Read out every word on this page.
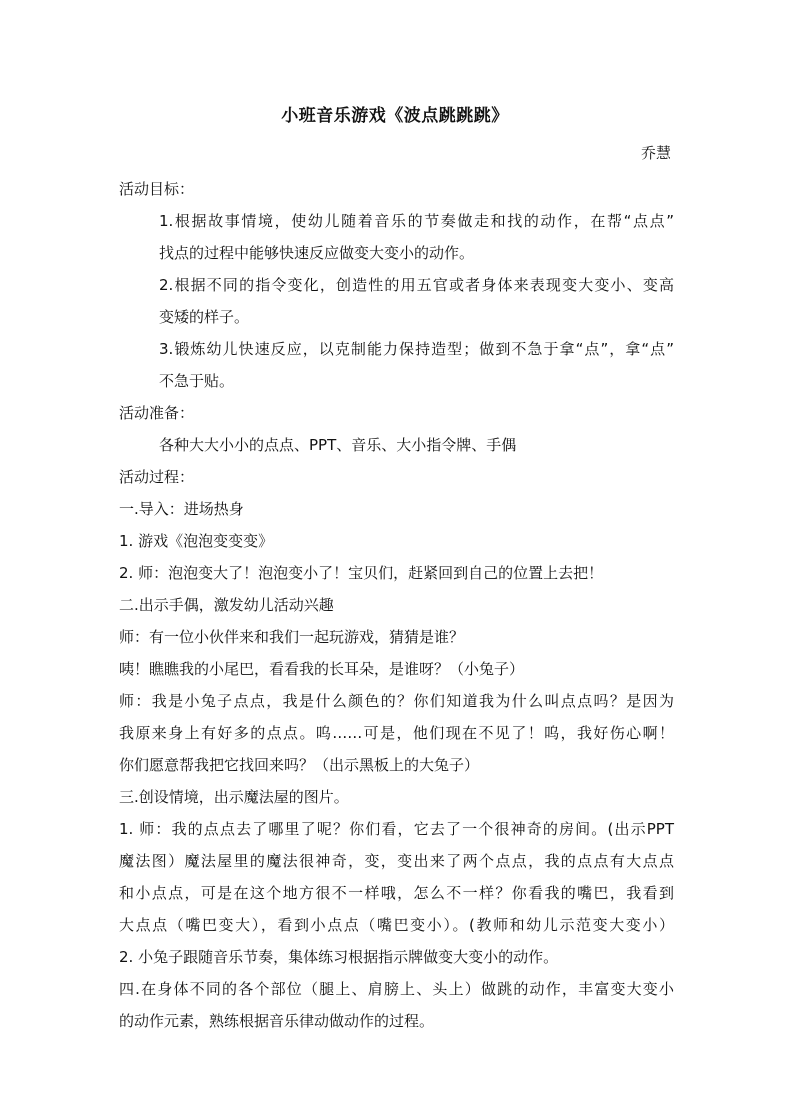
小班音乐游戏《波点跳跳跳》
乔慧
活动目标：
1.根据故事情境，使幼儿随着音乐的节奏做走和找的动作，在帮“点点”
找点的过程中能够快速反应做变大变小的动作。
2.根据不同的指令变化，创造性的用五官或者身体来表现变大变小、变高
变矮的样子。
3.锻炼幼儿快速反应，以克制能力保持造型；做到不急于拿“点”，拿“点”
不急于贴。
活动准备：
各种大大小小的点点、PPT、音乐、大小指令牌、手偶
活动过程：
一.导入：进场热身
1. 游戏《泡泡变变变》
2. 师：泡泡变大了！泡泡变小了！宝贝们，赶紧回到自己的位置上去把！
二.出示手偶，激发幼儿活动兴趣
师：有一位小伙伴来和我们一起玩游戏，猜猜是谁？
咦！瞧瞧我的小尾巴，看看我的长耳朵，是谁呀？（小兔子）
师：我是小兔子点点，我是什么颜色的？你们知道我为什么叫点点吗？是因为
我原来身上有好多的点点。呜……可是，他们现在不见了！呜，我好伤心啊！
你们愿意帮我把它找回来吗？（出示黑板上的大兔子）
三.创设情境，出示魔法屋的图片。
1. 师：我的点点去了哪里了呢？你们看，它去了一个很神奇的房间。(出示PPT
魔法图）魔法屋里的魔法很神奇，变，变出来了两个点点，我的点点有大点点
和小点点，可是在这个地方很不一样哦，怎么不一样？你看我的嘴巴，我看到
大点点（嘴巴变大），看到小点点（嘴巴变小）。(教师和幼儿示范变大变小）
2. 小兔子跟随音乐节奏，集体练习根据指示牌做变大变小的动作。
四.在身体不同的各个部位（腿上、肩膀上、头上）做跳的动作，丰富变大变小
的动作元素，熟练根据音乐律动做动作的过程。
